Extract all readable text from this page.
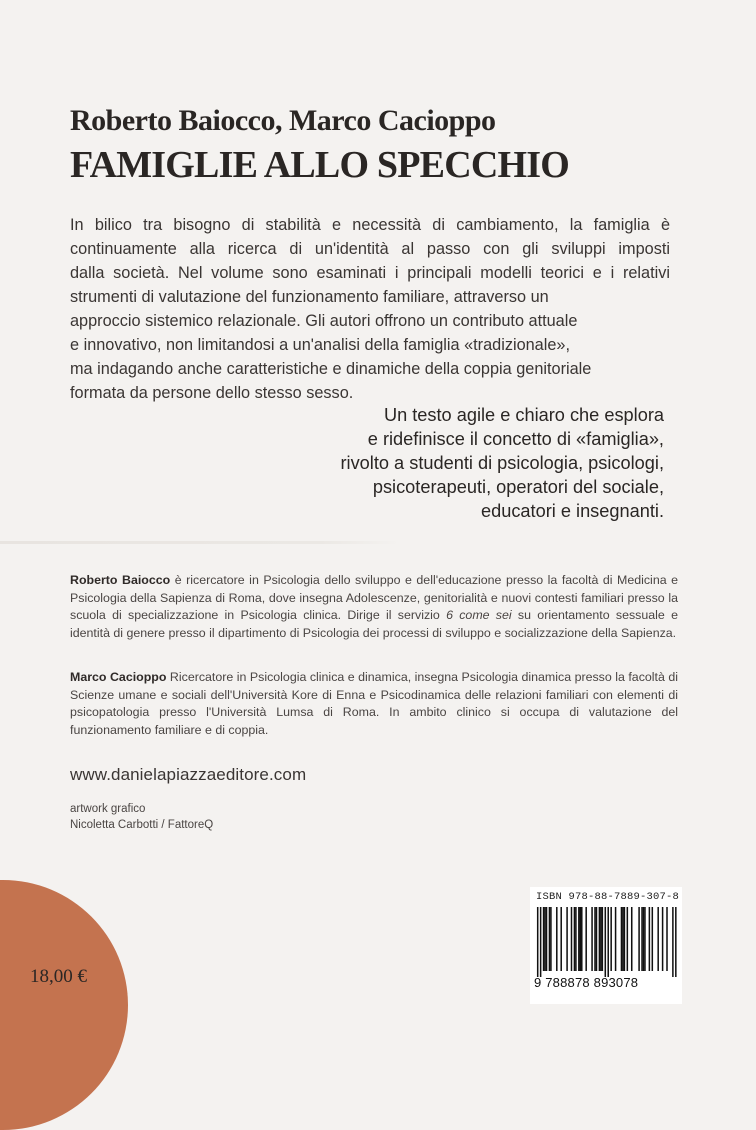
Roberto Baiocco, Marco Cacioppo
FAMIGLIE ALLO SPECCHIO

In bilico tra bisogno di stabilità e necessità di cambiamento, la famiglia è
continuamente alla ricerca di un'identità al passo con gli sviluppi imposti
dalla società. Nel volume sono esaminati i principali modelli teorici e i relativi
strumenti di valutazione del funzionamento familiare, attraverso un
approccio sistemico relazionale. Gli autori offrono un contributo attuale
e innovativo, non limitandosi a un'analisi della famiglia «tradizionale»,
ma indagando anche caratteristiche e dinamiche della coppia genitoriale
formata da persone dello stesso sesso.

Un testo agile e chiaro che esplora
e ridefinisce il concetto di «famiglia»,
rivolto a studenti di psicologia, psicologi,
psicoterapeuti, operatori del sociale,
educatori e insegnanti.

Roberto Baiocco è ricercatore in Psicologia dello sviluppo e dell'educazione presso la facoltà di Medicina e Psicologia della Sapienza di Roma, dove insegna Adolescenze, genitorialità e nuovi contesti familiari presso la scuola di specializzazione in Psicologia clinica. Dirige il servizio 6 come sei su orientamento sessuale e identità di genere presso il dipartimento di Psicologia dei processi di sviluppo e socializzazione della Sapienza.

Marco Cacioppo Ricercatore in Psicologia clinica e dinamica, insegna Psicologia dinamica presso la facoltà di Scienze umane e sociali dell'Università Kore di Enna e Psicodinamica delle relazioni familiari con elementi di psicopatologia presso l'Università Lumsa di Roma. In ambito clinico si occupa di valutazione del funzionamento familiare e di coppia.

www.danielapiazzaeditore.com

artwork grafico
Nicoletta Carbotti / FattoreQ

18,00 €

ISBN 978-88-7889-307-8
9 788878 893078
